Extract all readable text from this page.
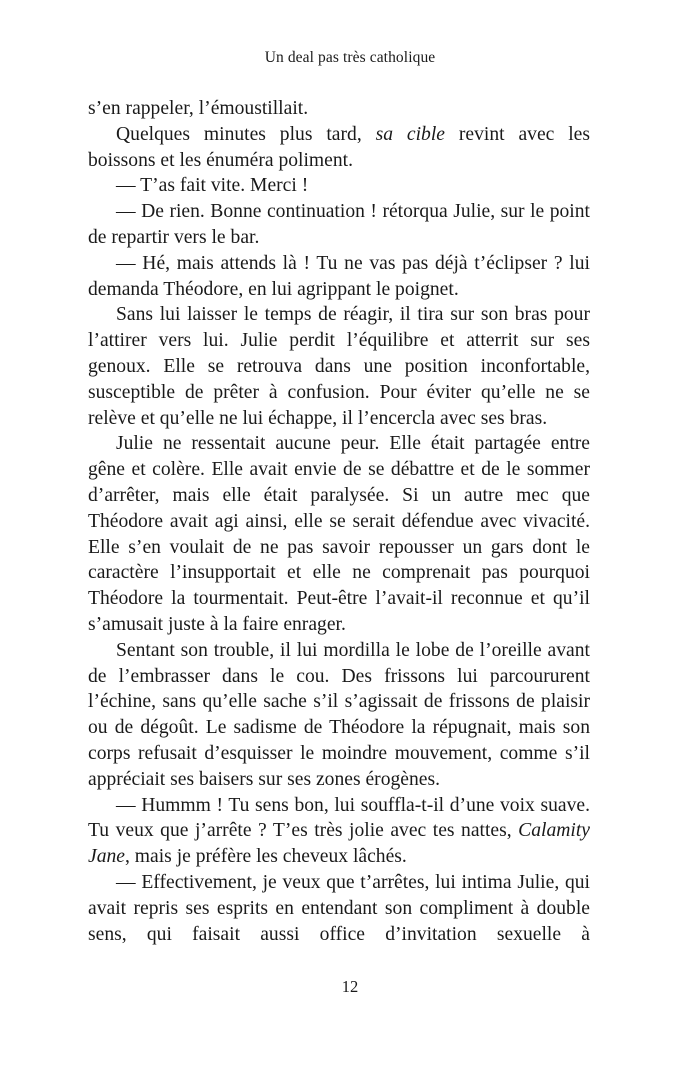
Un deal pas très catholique

s’en rappeler, l’émoustillait.

Quelques minutes plus tard, sa cible revint avec les boissons et les énuméra poliment.

— T’as fait vite. Merci !

— De rien. Bonne continuation ! rétorqua Julie, sur le point de repartir vers le bar.

— Hé, mais attends là ! Tu ne vas pas déjà t’éclipser ? lui demanda Théodore, en lui agrippant le poignet.

Sans lui laisser le temps de réagir, il tira sur son bras pour l’attirer vers lui. Julie perdit l’équilibre et atterrit sur ses genoux. Elle se retrouva dans une position inconfortable, susceptible de prêter à confusion. Pour éviter qu’elle ne se relève et qu’elle ne lui échappe, il l’encercla avec ses bras.

Julie ne ressentait aucune peur. Elle était partagée entre gêne et colère. Elle avait envie de se débattre et de le sommer d’arrêter, mais elle était paralysée. Si un autre mec que Théodore avait agi ainsi, elle se serait défendue avec vivacité. Elle s’en voulait de ne pas savoir repousser un gars dont le caractère l’insupportait et elle ne comprenait pas pourquoi Théodore la tourmentait. Peut-être l’avait-il reconnue et qu’il s’amusait juste à la faire enrager.

Sentant son trouble, il lui mordilla le lobe de l’oreille avant de l’embrasser dans le cou. Des frissons lui parcoururent l’échine, sans qu’elle sache s’il s’agissait de frissons de plaisir ou de dégoût. Le sadisme de Théodore la répugnait, mais son corps refusait d’esquisser le moindre mouvement, comme s’il appréciait ses baisers sur ses zones érogènes.

— Hummm ! Tu sens bon, lui souffla-t-il d’une voix suave. Tu veux que j’arrête ? T’es très jolie avec tes nattes, Calamity Jane, mais je préfère les cheveux lâchés.

— Effectivement, je veux que t’arrêtes, lui intima Julie, qui avait repris ses esprits en entendant son compliment à double sens, qui faisait aussi office d’invitation sexuelle à

12
